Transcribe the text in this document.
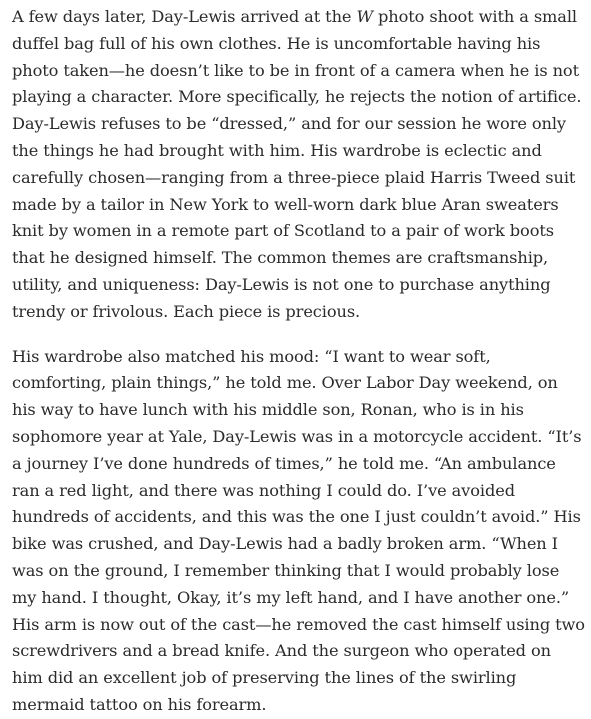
A few days later, Day-Lewis arrived at the W photo shoot with a small duffel bag full of his own clothes. He is uncomfortable having his photo taken—he doesn’t like to be in front of a camera when he is not playing a character. More specifically, he rejects the notion of artifice. Day-Lewis refuses to be “dressed,” and for our session he wore only the things he had brought with him. His wardrobe is eclectic and carefully chosen—ranging from a three-piece plaid Harris Tweed suit made by a tailor in New York to well-worn dark blue Aran sweaters knit by women in a remote part of Scotland to a pair of work boots that he designed himself. The common themes are craftsmanship, utility, and uniqueness: Day-Lewis is not one to purchase anything trendy or frivolous. Each piece is precious.

His wardrobe also matched his mood: “I want to wear soft, comforting, plain things,” he told me. Over Labor Day weekend, on his way to have lunch with his middle son, Ronan, who is in his sophomore year at Yale, Day-Lewis was in a motorcycle accident. “It’s a journey I’ve done hundreds of times,” he told me. “An ambulance ran a red light, and there was nothing I could do. I’ve avoided hundreds of accidents, and this was the one I just couldn’t avoid.” His bike was crushed, and Day-Lewis had a badly broken arm. “When I was on the ground, I remember thinking that I would probably lose my hand. I thought, Okay, it’s my left hand, and I have another one.” His arm is now out of the cast—he removed the cast himself using two screwdrivers and a bread knife. And the surgeon who operated on him did an excellent job of preserving the lines of the swirling mermaid tattoo on his forearm.
